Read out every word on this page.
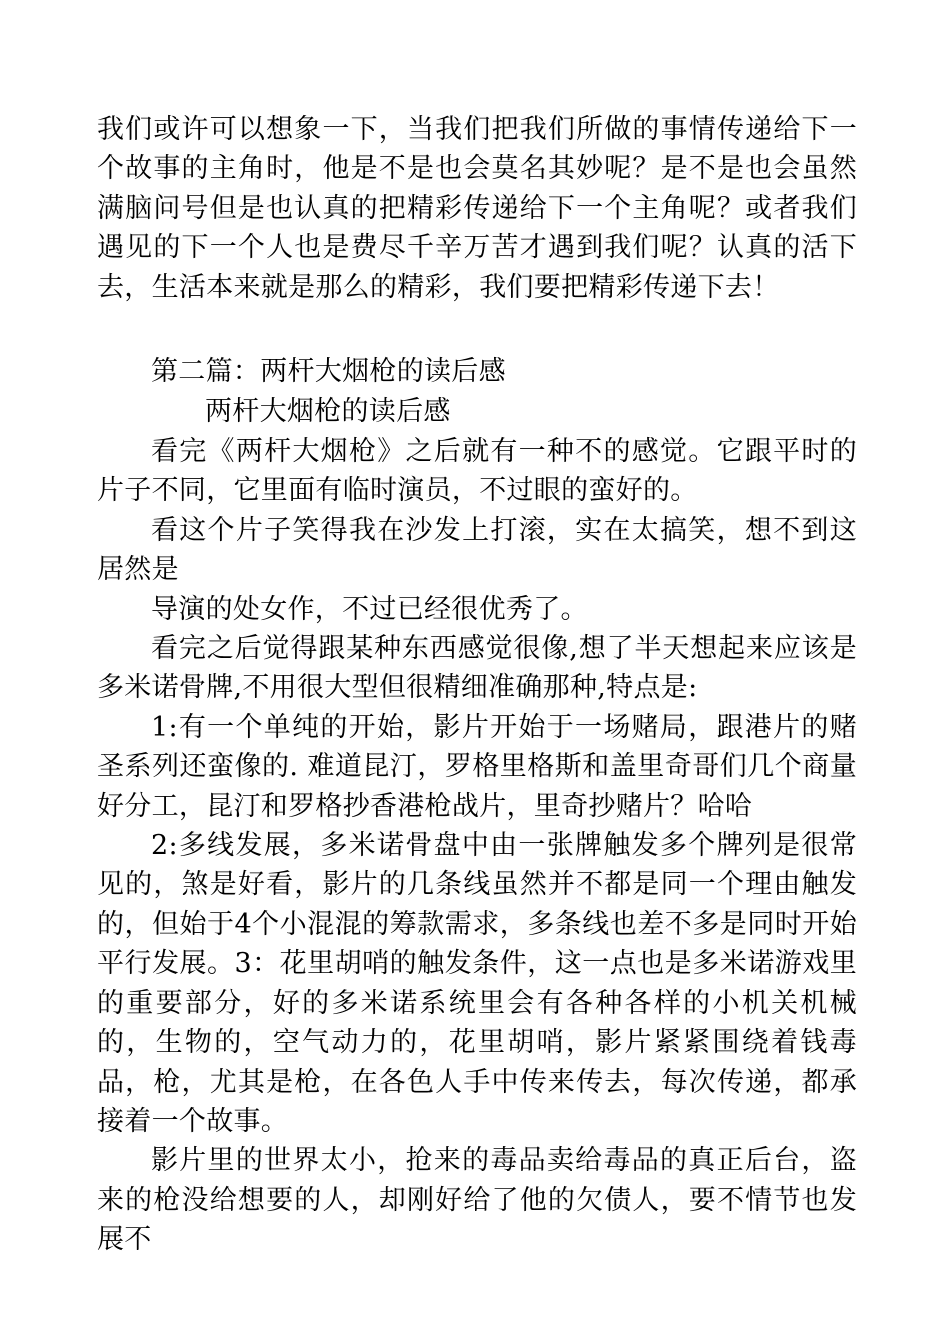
我们或许可以想象一下，当我们把我们所做的事情传递给下一个故事的主角时，他是不是也会莫名其妙呢？是不是也会虽然满脑问号但是也认真的把精彩传递给下一个主角呢？或者我们遇见的下一个人也是费尽千辛万苦才遇到我们呢？认真的活下去，生活本来就是那么的精彩，我们要把精彩传递下去！

第二篇：两杆大烟枪的读后感

两杆大烟枪的读后感

看完《两杆大烟枪》之后就有一种不的感觉。它跟平时的片子不同，它里面有临时演员，不过眼的蛮好的。

看这个片子笑得我在沙发上打滚，实在太搞笑，想不到这居然是

导演的处女作，不过已经很优秀了。

看完之后觉得跟某种东西感觉很像,想了半天想起来应该是多米诺骨牌,不用很大型但很精细准确那种,特点是:

1:有一个单纯的开始，影片开始于一场赌局，跟港片的赌圣系列还蛮像的. 难道昆汀，罗格里格斯和盖里奇哥们几个商量好分工，昆汀和罗格抄香港枪战片，里奇抄赌片？哈哈

2:多线发展，多米诺骨盘中由一张牌触发多个牌列是很常见的，煞是好看，影片的几条线虽然并不都是同一个理由触发的，但始于4个小混混的筹款需求，多条线也差不多是同时开始平行发展。3：花里胡哨的触发条件，这一点也是多米诺游戏里的重要部分，好的多米诺系统里会有各种各样的小机关机械的，生物的，空气动力的，花里胡哨，影片紧紧围绕着钱毒品，枪，尤其是枪，在各色人手中传来传去，每次传递，都承接着一个故事。

影片里的世界太小，抢来的毒品卖给毒品的真正后台，盗来的枪没给想要的人，却刚好给了他的欠债人，要不情节也发展不
